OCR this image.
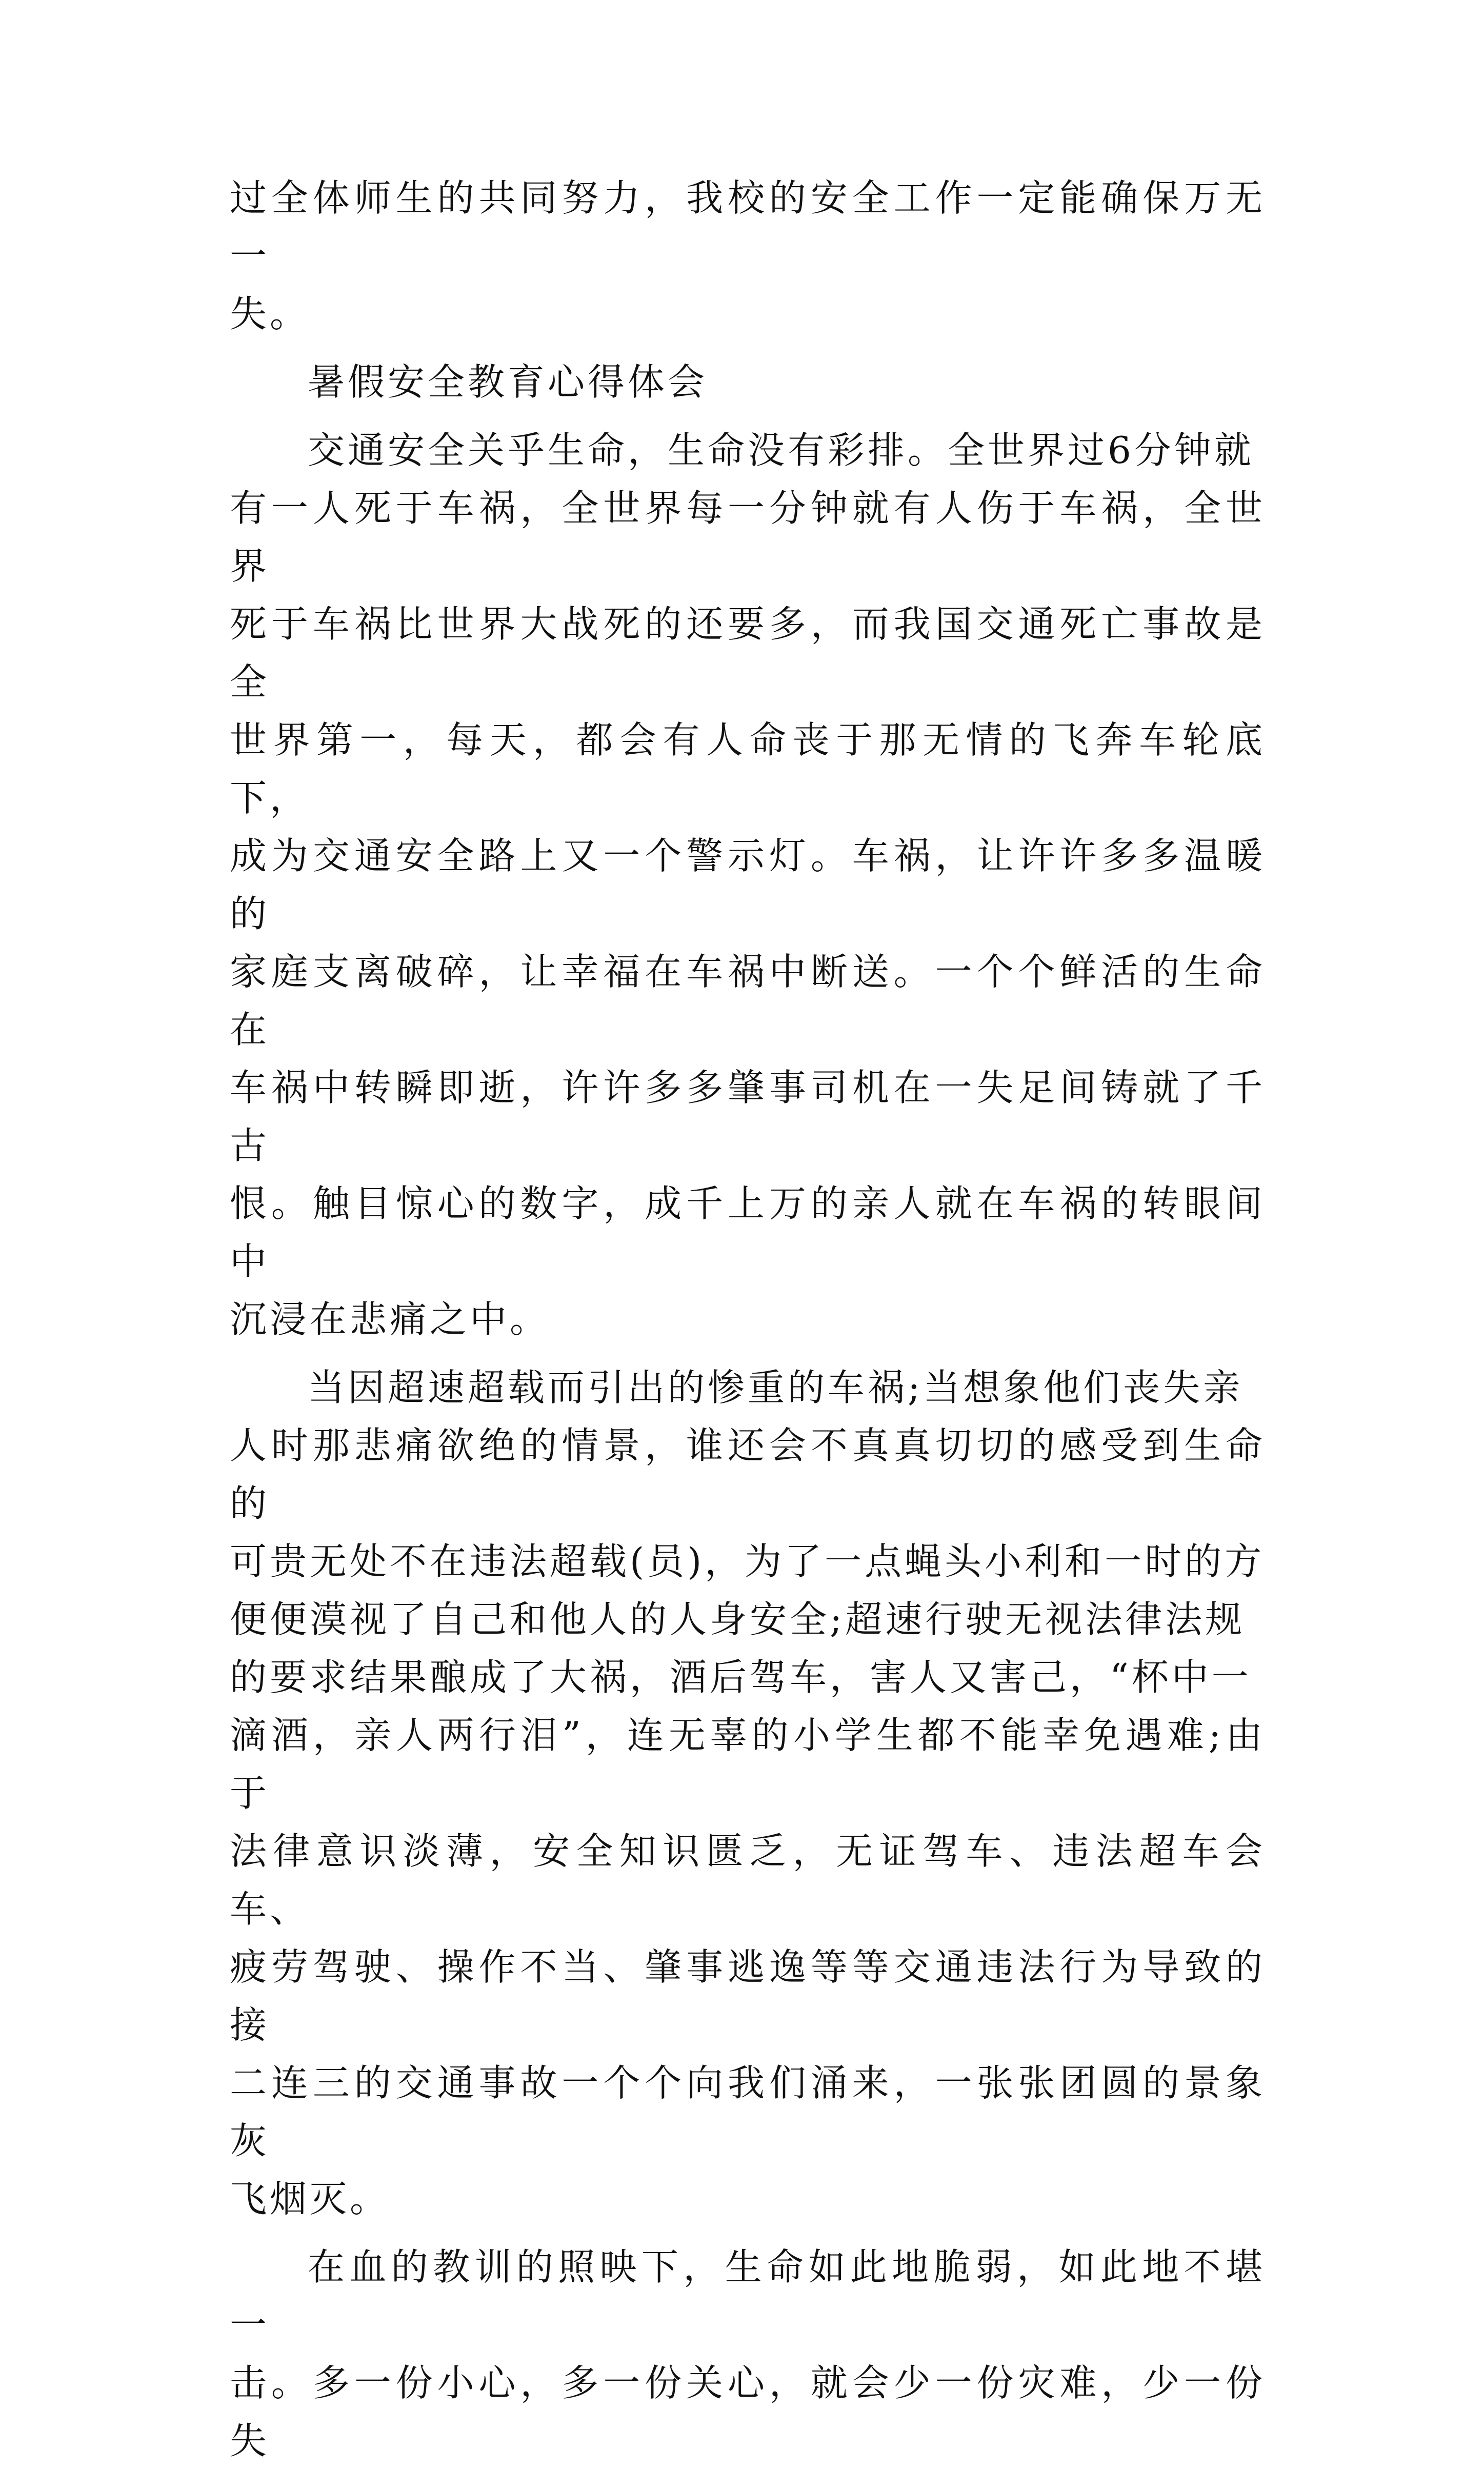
过全体师生的共同努力，我校的安全工作一定能确保万无一
失。

暑假安全教育心得体会

交通安全关乎生命，生命没有彩排。全世界过6分钟就
有一人死于车祸，全世界每一分钟就有人伤于车祸，全世界
死于车祸比世界大战死的还要多，而我国交通死亡事故是全
世界第一，每天，都会有人命丧于那无情的飞奔车轮底下，
成为交通安全路上又一个警示灯。车祸，让许许多多温暖的
家庭支离破碎，让幸福在车祸中断送。一个个鲜活的生命在
车祸中转瞬即逝，许许多多肇事司机在一失足间铸就了千古
恨。触目惊心的数字，成千上万的亲人就在车祸的转眼间中
沉浸在悲痛之中。

当因超速超载而引出的惨重的车祸;当想象他们丧失亲
人时那悲痛欲绝的情景，谁还会不真真切切的感受到生命的
可贵无处不在违法超载(员)，为了一点蝇头小利和一时的方
便便漠视了自己和他人的人身安全;超速行驶无视法律法规
的要求结果酿成了大祸，酒后驾车，害人又害己，“杯中一
滴酒，亲人两行泪”，连无辜的小学生都不能幸免遇难;由于
法律意识淡薄，安全知识匮乏，无证驾车、违法超车会车、
疲劳驾驶、操作不当、肇事逃逸等等交通违法行为导致的接
二连三的交通事故一个个向我们涌来，一张张团圆的景象灰
飞烟灭。

在血的教训的照映下，生命如此地脆弱，如此地不堪一
击。多一份小心，多一份关心，就会少一份灾难，少一份失
